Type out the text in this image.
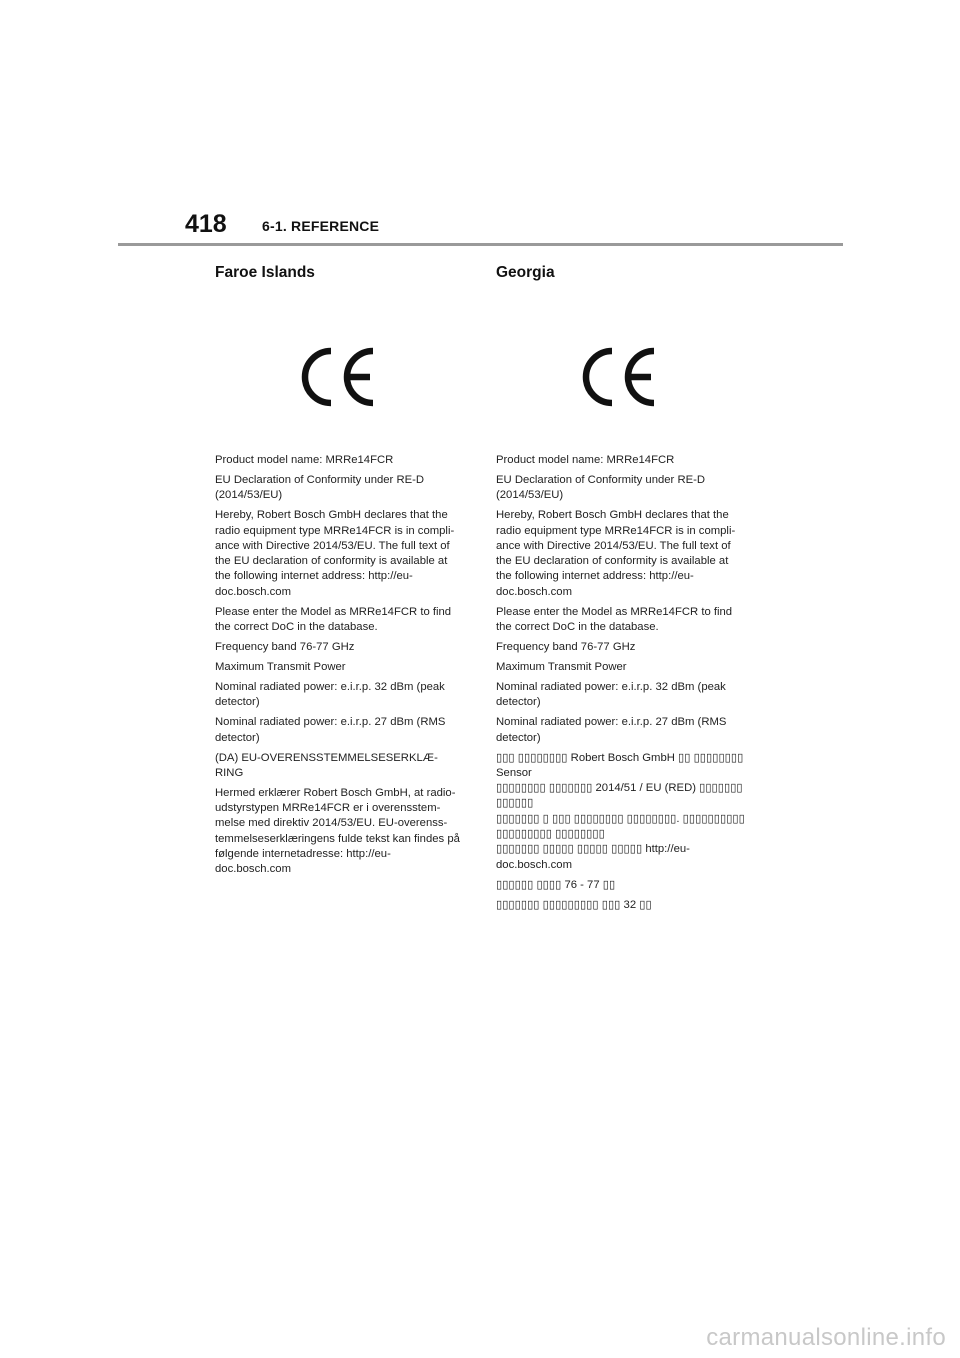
418	6-1. REFERENCE
Faroe Islands

Product model name: MRRe14FCR

EU Declaration of Conformity under RE-D
(2014/53/EU)

Hereby, Robert Bosch GmbH declares that the
radio equipment type MRRe14FCR is in compli-
ance with Directive 2014/53/EU. The full text of
the EU declaration of conformity is available at
the following internet address: http://eu-
doc.bosch.com

Please enter the Model as MRRe14FCR to find
the correct DoC in the database.

Frequency band 76-77 GHz

Maximum Transmit Power

Nominal radiated power: e.i.r.p. 32 dBm (peak
detector)

Nominal radiated power: e.i.r.p. 27 dBm (RMS
detector)

(DA) EU-OVERENSSTEMMELSESERKLÆ-
RING

Hermed erklærer Robert Bosch GmbH, at radio-
udstyrstypen MRRe14FCR er i overensstem-
melse med direktiv 2014/53/EU. EU-overenss-
temmelseserklæringens fulde tekst kan findes på
følgende internetadresse: http://eu-
doc.bosch.com

Georgia

Product model name: MRRe14FCR

EU Declaration of Conformity under RE-D
(2014/53/EU)

Hereby, Robert Bosch GmbH declares that the
radio equipment type MRRe14FCR is in compli-
ance with Directive 2014/53/EU. The full text of
the EU declaration of conformity is available at
the following internet address: http://eu-
doc.bosch.com

Please enter the Model as MRRe14FCR to find
the correct DoC in the database.

Frequency band 76-77 GHz

Maximum Transmit Power

Nominal radiated power: e.i.r.p. 32 dBm (peak
detector)

Nominal radiated power: e.i.r.p. 27 dBm (RMS
detector)

▯▯▯ ▯▯▯▯▯▯▯▯ Robert Bosch GmbH ▯▯ ▯▯▯▯▯▯▯▯ Sensor
▯▯▯▯▯▯▯▯ ▯▯▯▯▯▯▯ 2014/51 / EU (RED) ▯▯▯▯▯▯▯ ▯▯▯▯▯▯
▯▯▯▯▯▯▯ ▯ ▯▯▯ ▯▯▯▯▯▯▯▯ ▯▯▯▯▯▯▯▯. ▯▯▯▯▯▯▯▯▯▯ ▯▯▯▯▯▯▯▯▯ ▯▯▯▯▯▯▯▯
▯▯▯▯▯▯▯ ▯▯▯▯▯ ▯▯▯▯▯ ▯▯▯▯▯ http://eu-doc.bosch.com

▯▯▯▯▯▯ ▯▯▯▯ 76 - 77 ▯▯

▯▯▯▯▯▯▯ ▯▯▯▯▯▯▯▯▯ ▯▯▯ 32 ▯▯

carmanualsonline.info
